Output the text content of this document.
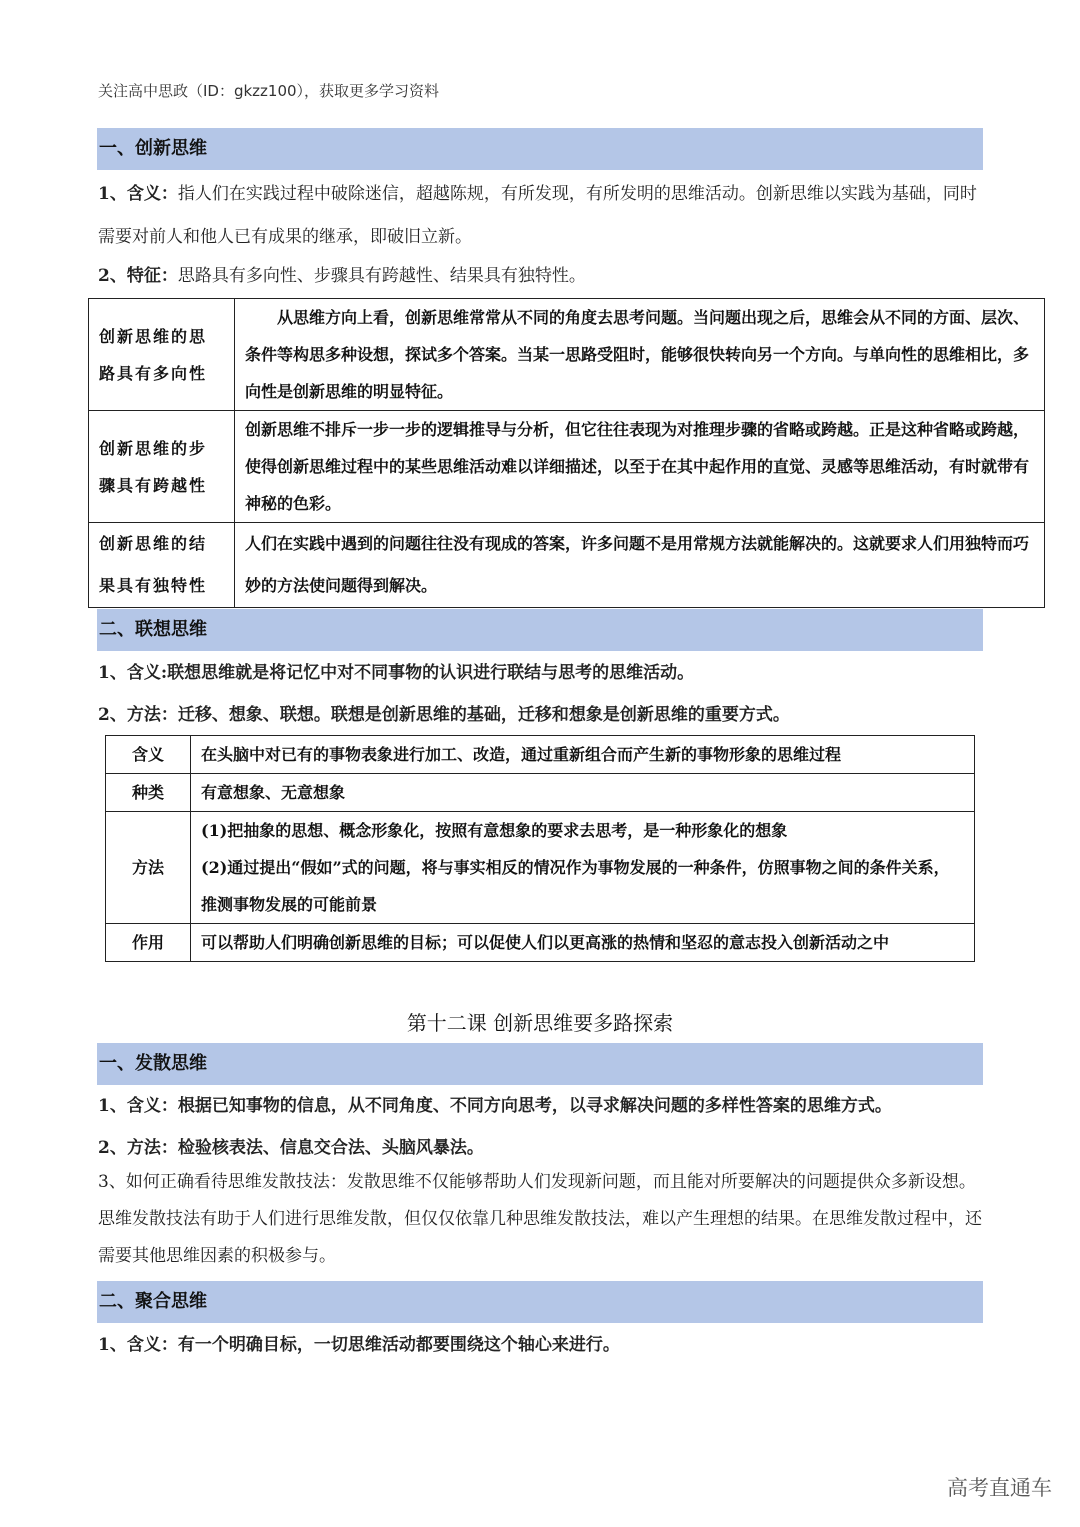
关注高中思政（ID：gkzz100），获取更多学习资料
一、创新思维
1、含义：指人们在实践过程中破除迷信，超越陈规，有所发现，有所发明的思维活动。创新思维以实践为基础，同时需要对前人和他人已有成果的继承，即破旧立新。
2、特征：思路具有多向性、步骤具有跨越性、结果具有独特性。
创新思维的思路具有多向性	　　从思维方向上看，创新思维常常从不同的角度去思考问题。当问题出现之后，思维会从不同的方面、层次、条件等构思多种设想，探试多个答案。当某一思路受阻时，能够很快转向另一个方向。与单向性的思维相比，多向性是创新思维的明显特征。
创新思维的步骤具有跨越性	创新思维不排斥一步一步的逻辑推导与分析，但它往往表现为对推理步骤的省略或跨越。正是这种省略或跨越，使得创新思维过程中的某些思维活动难以详细描述，以至于在其中起作用的直觉、灵感等思维活动，有时就带有神秘的色彩。
创新思维的结果具有独特性	人们在实践中遇到的问题往往没有现成的答案，许多问题不是用常规方法就能解决的。这就要求人们用独特而巧妙的方法使问题得到解决。
二、联想思维
1、含义:联想思维就是将记忆中对不同事物的认识进行联结与思考的思维活动。
2、方法：迁移、想象、联想。联想是创新思维的基础，迁移和想象是创新思维的重要方式。
含义	在头脑中对已有的事物表象进行加工、改造，通过重新组合而产生新的事物形象的思维过程

种类	有意想象、无意想象

方法	(1)把抽象的思想、概念形象化，按照有意想象的要求去思考，是一种形象化的想象
(2)通过提出“假如”式的问题，将与事实相反的情况作为事物发展的一种条件，仿照事物之间的条件关系，推测事物发展的可能前景

作用	可以帮助人们明确创新思维的目标；可以促使人们以更高涨的热情和坚忍的意志投入创新活动之中
第十二课 创新思维要多路探索
一、发散思维
1、含义：根据已知事物的信息，从不同角度、不同方向思考，以寻求解决问题的多样性答案的思维方式。
2、方法：检验核表法、信息交合法、头脑风暴法。
3、如何正确看待思维发散技法：发散思维不仅能够帮助人们发现新问题，而且能对所要解决的问题提供众多新设想。思维发散技法有助于人们进行思维发散，但仅仅依靠几种思维发散技法，难以产生理想的结果。在思维发散过程中，还需要其他思维因素的积极参与。
二、聚合思维
1、含义：有一个明确目标，一切思维活动都要围绕这个轴心来进行。
高考直通车
